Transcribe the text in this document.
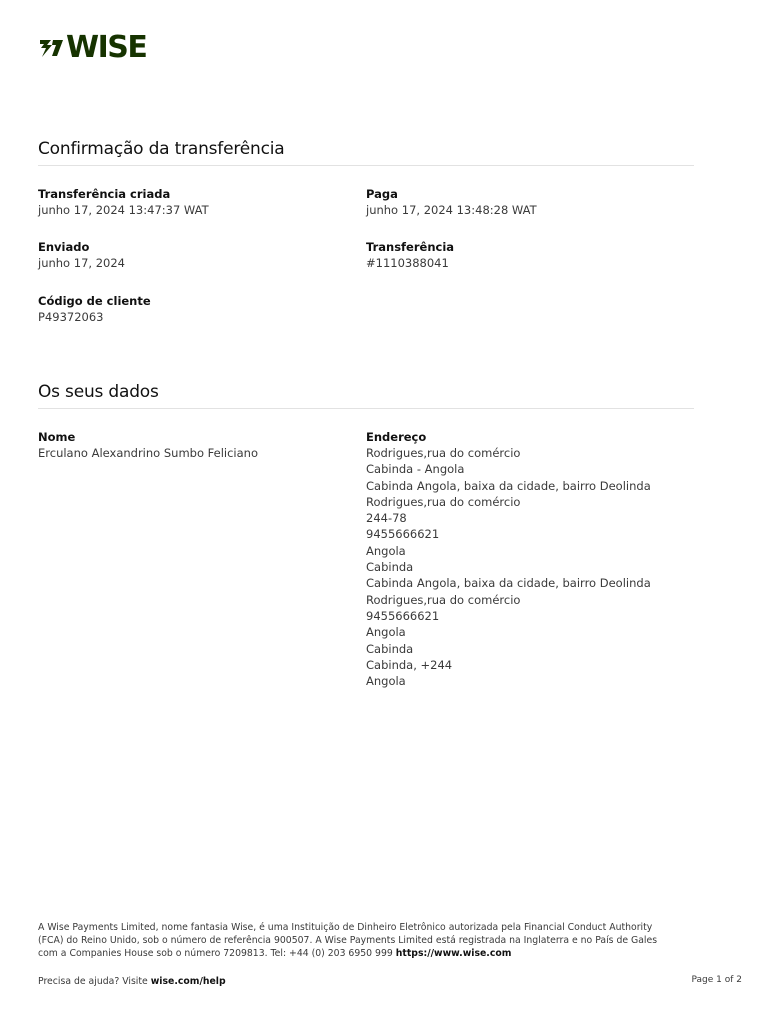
WISE
Confirmação da transferência
Transferência criada
junho 17, 2024 13:47:37 WAT
Paga
junho 17, 2024 13:48:28 WAT
Enviado
junho 17, 2024
Transferência
#1110388041
Código de cliente
P49372063
Os seus dados
Nome
Erculano Alexandrino Sumbo Feliciano
Endereço
Rodrigues,rua do comércio
Cabinda - Angola
Cabinda Angola, baixa da cidade, bairro Deolinda
Rodrigues,rua do comércio
244-78
9455666621
Angola
Cabinda
Cabinda Angola, baixa da cidade, bairro Deolinda
Rodrigues,rua do comércio
9455666621
Angola
Cabinda
Cabinda, +244
Angola
A Wise Payments Limited, nome fantasia Wise, é uma Instituição de Dinheiro Eletrônico autorizada pela Financial Conduct Authority (FCA) do Reino Unido, sob o número de referência 900507. A Wise Payments Limited está registrada na Inglaterra e no País de Gales com a Companies House sob o número 7209813. Tel: +44 (0) 203 6950 999 https://www.wise.com
Precisa de ajuda? Visite wise.com/help	Page 1 of 2
